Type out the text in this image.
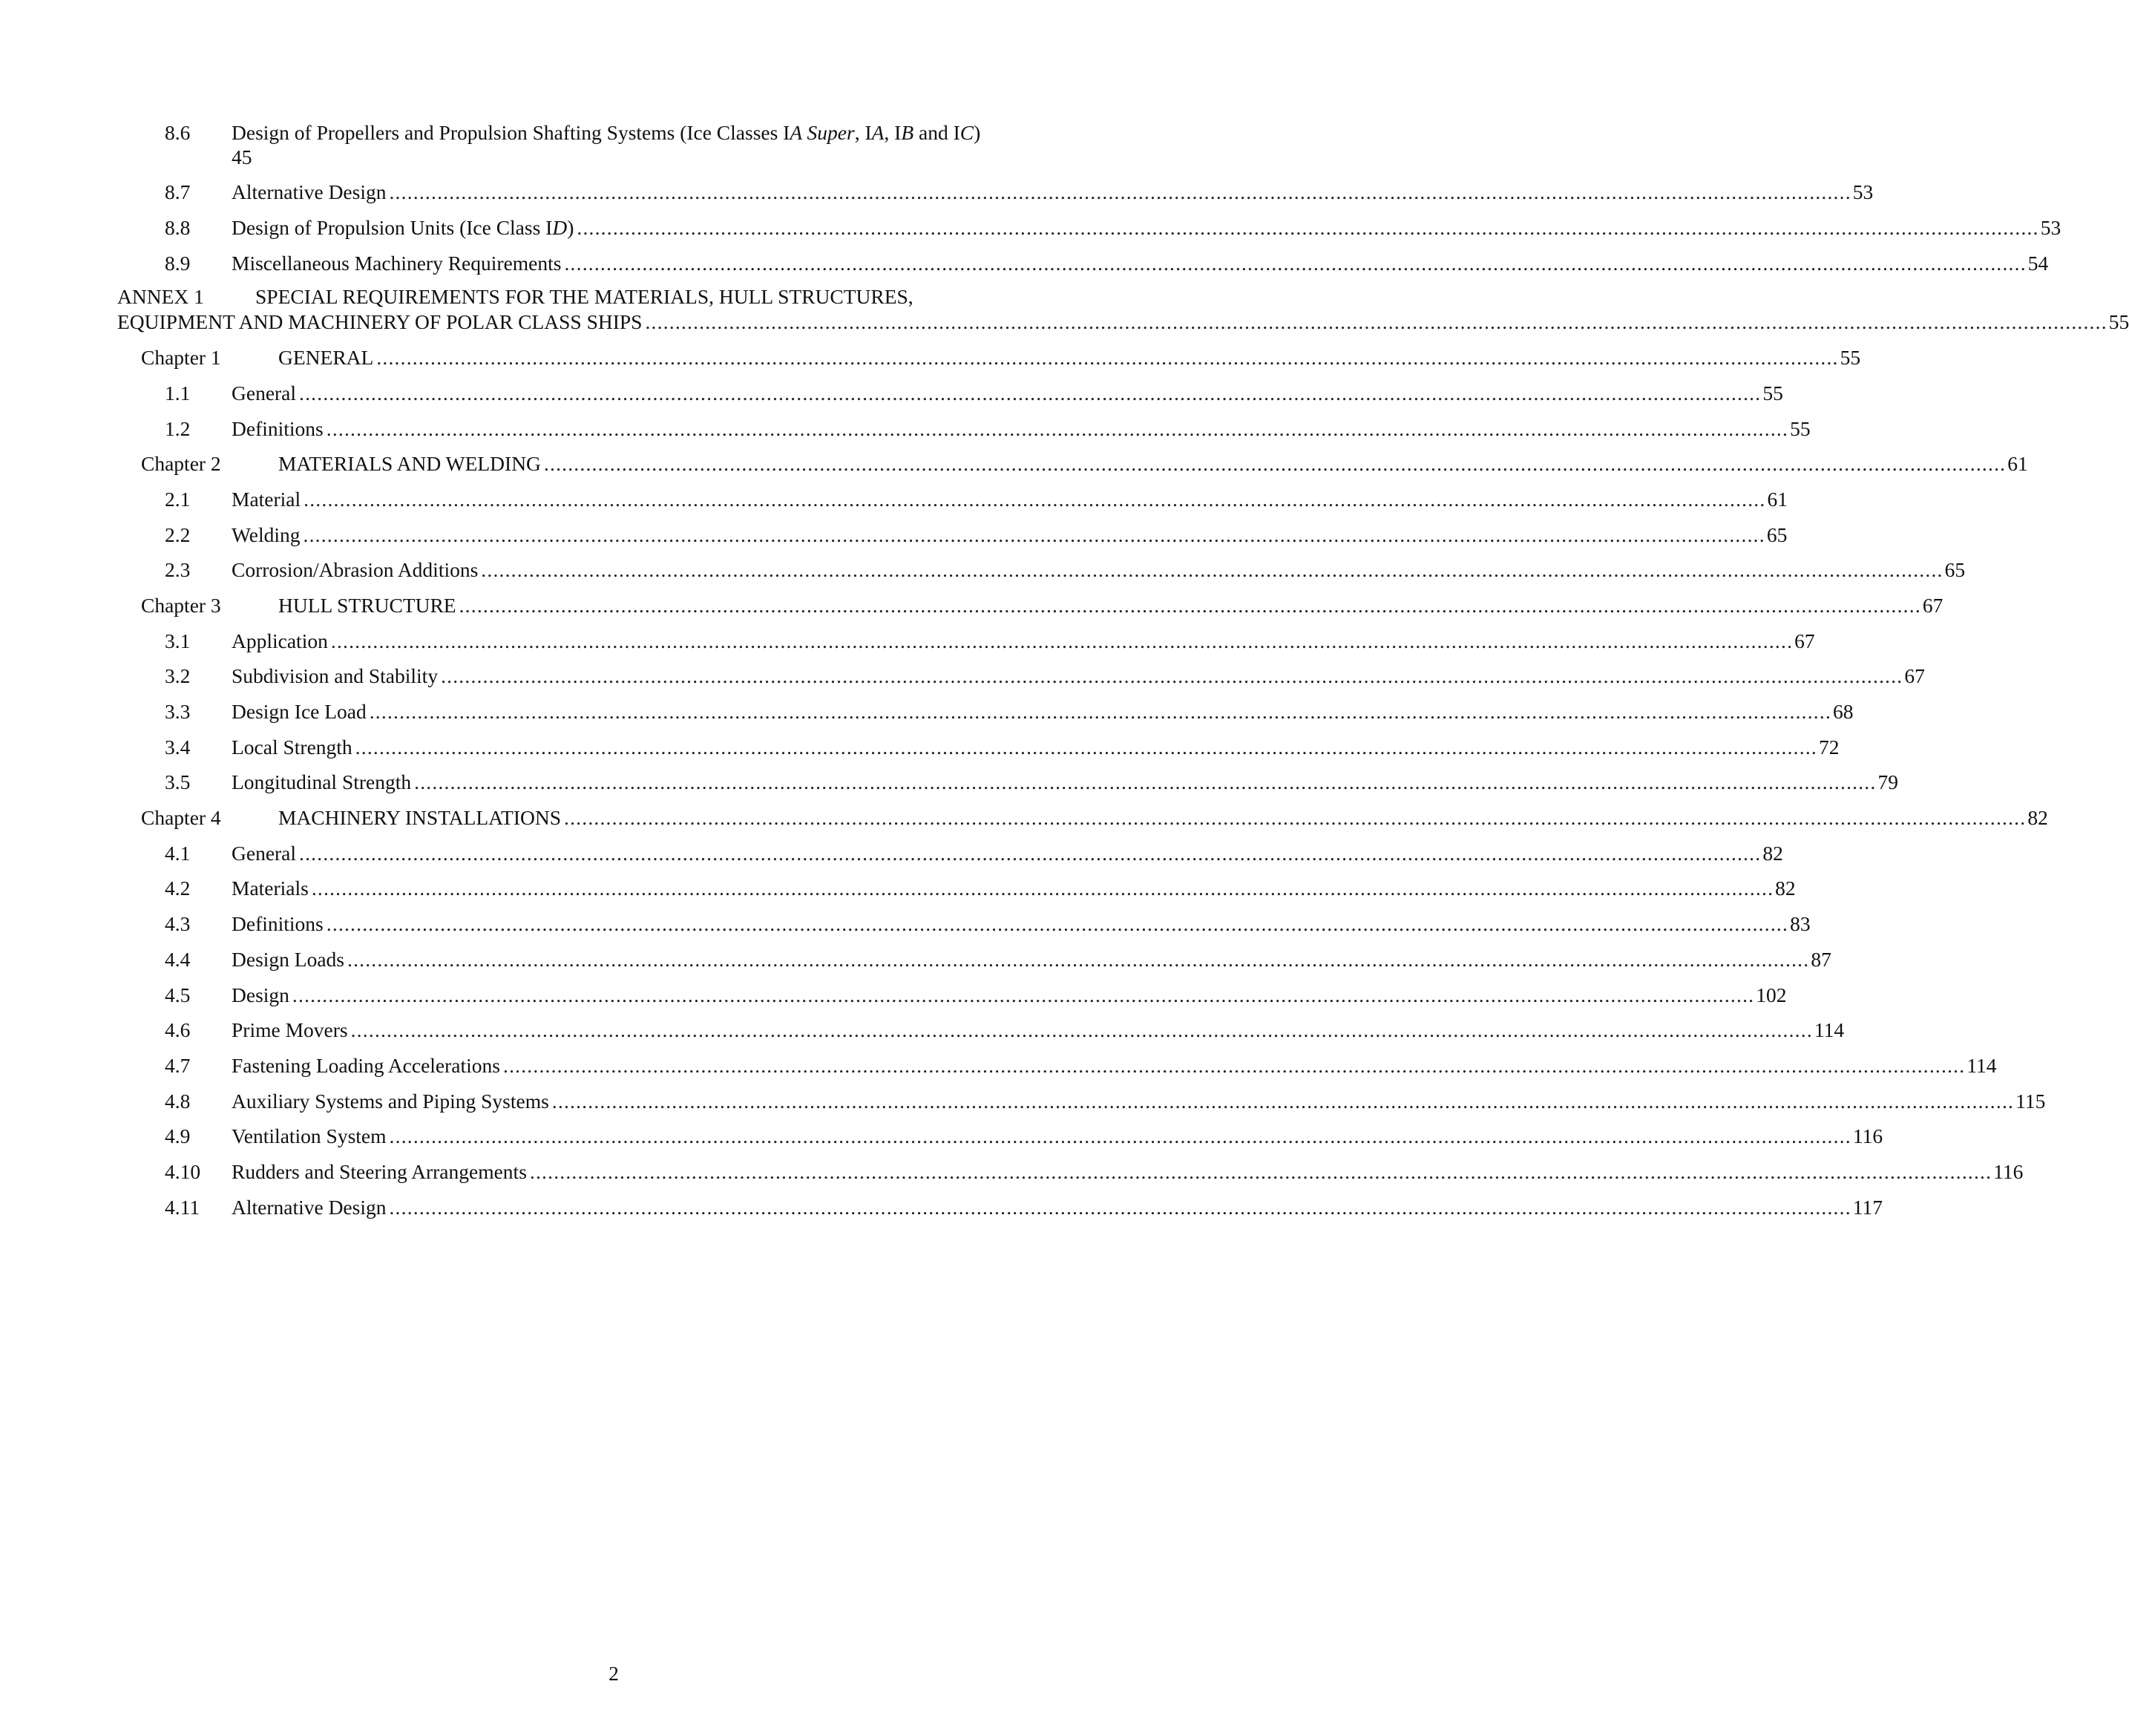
8.6 Design of Propellers and Propulsion Shafting Systems (Ice Classes IA Super, IA, IB and IC)
45
8.7 Alternative Design .................................................................................................................................................................................................................................................... 53
8.8 Design of Propulsion Units (Ice Class ID) .................................................................................................................................................................................................................................................... 53
8.9 Miscellaneous Machinery Requirements .................................................................................................................................................................................................................................................... 54
ANNEX 1	SPECIAL REQUIREMENTS FOR THE MATERIALS, HULL STRUCTURES,
EQUIPMENT AND MACHINERY OF POLAR CLASS SHIPS .................................................................................................................................................................................................................................................... 55
Chapter 1	GENERAL .................................................................................................................................................................................................................................................... 55
1.1 General .................................................................................................................................................................................................................................................... 55
1.2 Definitions .................................................................................................................................................................................................................................................... 55
Chapter 2	MATERIALS AND WELDING .................................................................................................................................................................................................................................................... 61
2.1 Material .................................................................................................................................................................................................................................................... 61
2.2 Welding .................................................................................................................................................................................................................................................... 65
2.3 Corrosion/Abrasion Additions .................................................................................................................................................................................................................................................... 65
Chapter 3	HULL STRUCTURE .................................................................................................................................................................................................................................................... 67
3.1 Application .................................................................................................................................................................................................................................................... 67
3.2 Subdivision and Stability .................................................................................................................................................................................................................................................... 67
3.3 Design Ice Load .................................................................................................................................................................................................................................................... 68
3.4 Local Strength .................................................................................................................................................................................................................................................... 72
3.5 Longitudinal Strength .................................................................................................................................................................................................................................................... 79
Chapter 4	MACHINERY INSTALLATIONS .................................................................................................................................................................................................................................................... 82
4.1 General .................................................................................................................................................................................................................................................... 82
4.2 Materials .................................................................................................................................................................................................................................................... 82
4.3 Definitions .................................................................................................................................................................................................................................................... 83
4.4 Design Loads .................................................................................................................................................................................................................................................... 87
4.5 Design .................................................................................................................................................................................................................................................... 102
4.6 Prime Movers .................................................................................................................................................................................................................................................... 114
4.7 Fastening Loading Accelerations .................................................................................................................................................................................................................................................... 114
4.8 Auxiliary Systems and Piping Systems .................................................................................................................................................................................................................................................... 115
4.9 Ventilation System .................................................................................................................................................................................................................................................... 116
4.10 Rudders and Steering Arrangements .................................................................................................................................................................................................................................................... 116
4.11 Alternative Design .................................................................................................................................................................................................................................................... 117
2
